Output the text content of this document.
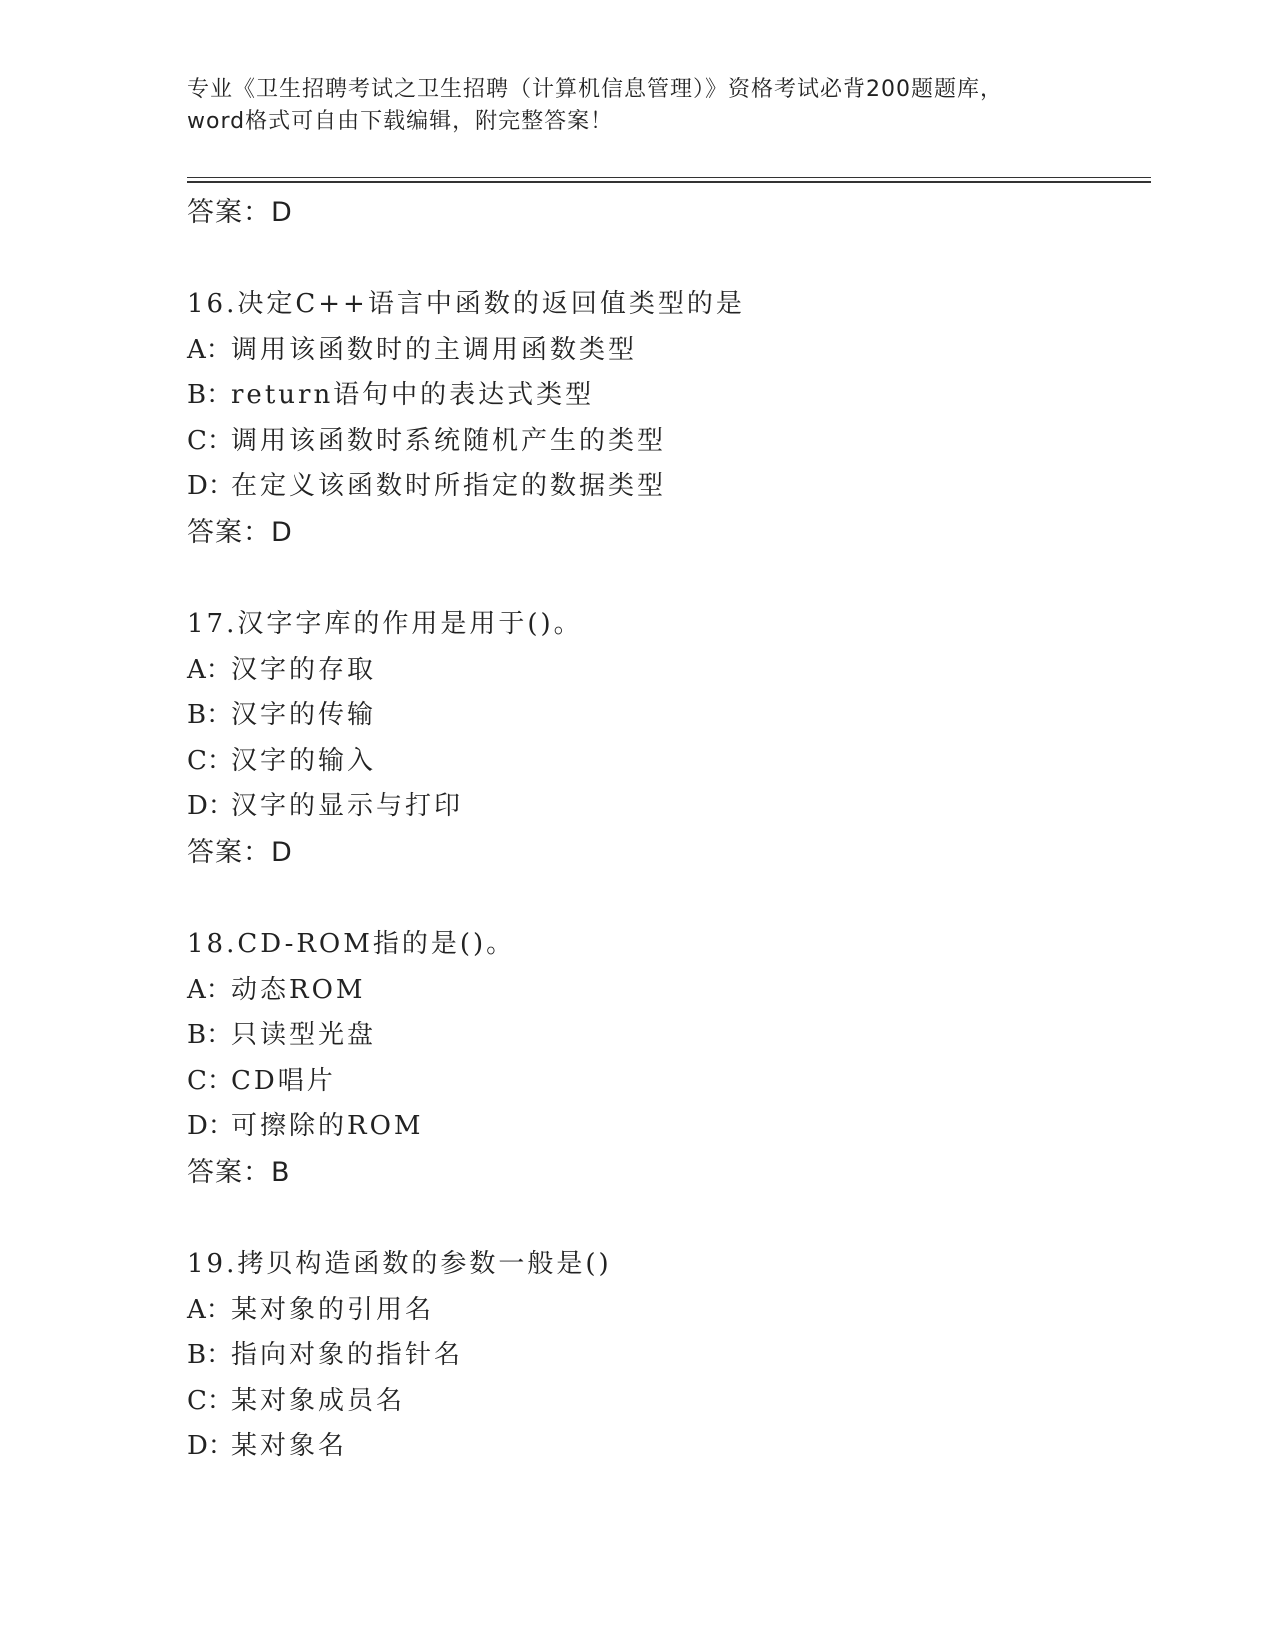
专业《卫生招聘考试之卫生招聘（计算机信息管理）》资格考试必背200题题库，
word格式可自由下载编辑，附完整答案！
答案：D
16.决定C++语言中函数的返回值类型的是
A：调用该函数时的主调用函数类型
B：return语句中的表达式类型
C：调用该函数时系统随机产生的类型
D：在定义该函数时所指定的数据类型
答案：D
17.汉字字库的作用是用于()。
A：汉字的存取
B：汉字的传输
C：汉字的输入
D：汉字的显示与打印
答案：D
18.CD-ROM指的是()。
A：动态ROM
B：只读型光盘
C：CD唱片
D：可擦除的ROM
答案：B
19.拷贝构造函数的参数一般是()
A：某对象的引用名
B：指向对象的指针名
C：某对象成员名
D：某对象名
